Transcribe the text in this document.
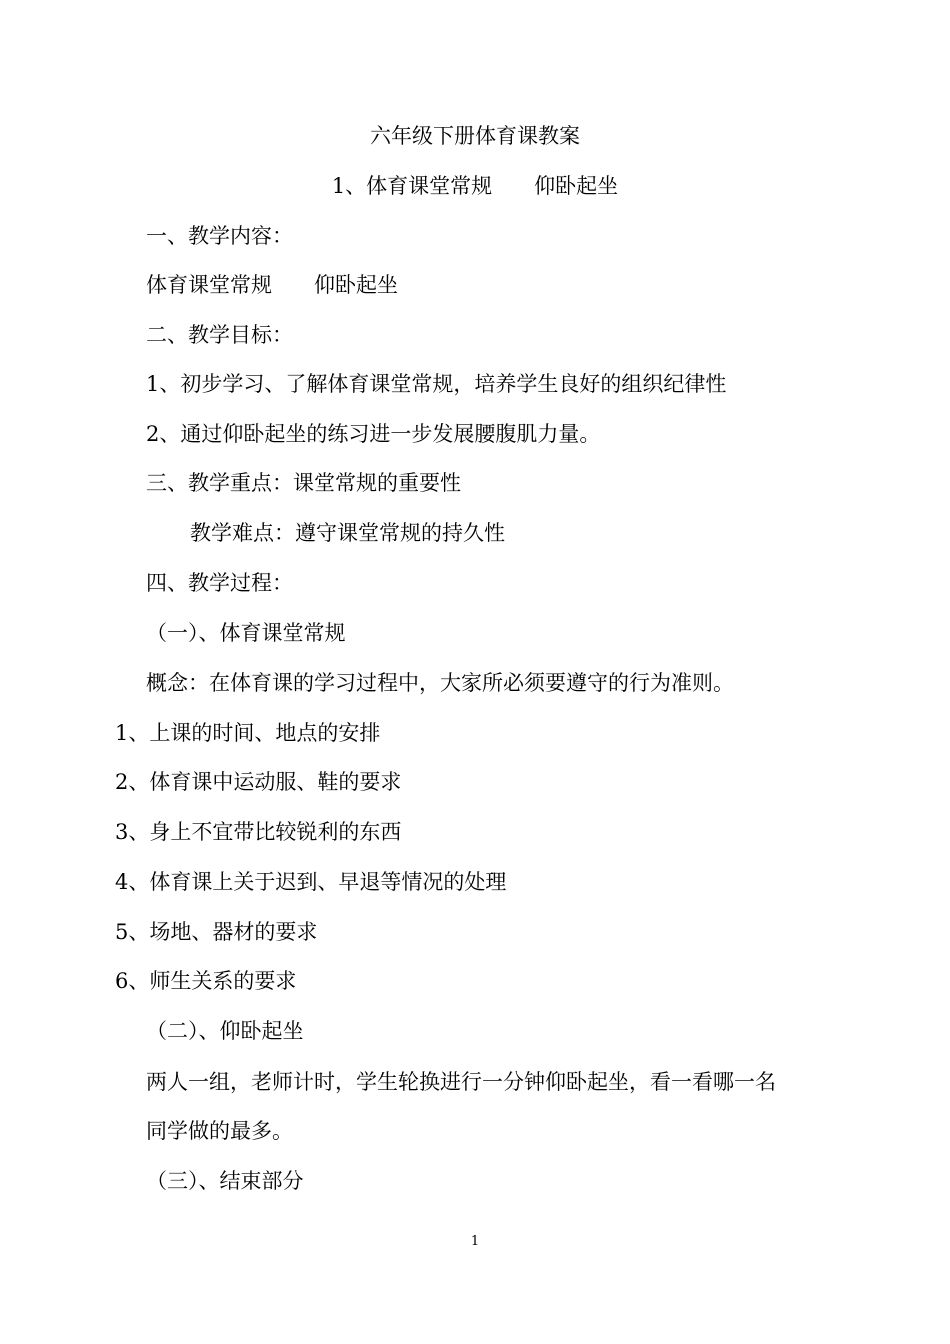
六年级下册体育课教案
1、体育课堂常规　　仰卧起坐
一、教学内容：
体育课堂常规　　仰卧起坐
二、教学目标：
1、初步学习、了解体育课堂常规，培养学生良好的组织纪律性
2、通过仰卧起坐的练习进一步发展腰腹肌力量。
三、教学重点：课堂常规的重要性
教学难点：遵守课堂常规的持久性
四、教学过程：
（一）、体育课堂常规
概念：在体育课的学习过程中，大家所必须要遵守的行为准则。
1、上课的时间、地点的安排
2、体育课中运动服、鞋的要求
3、身上不宜带比较锐利的东西
4、体育课上关于迟到、早退等情况的处理
5、场地、器材的要求
6、师生关系的要求
（二）、仰卧起坐
两人一组，老师计时，学生轮换进行一分钟仰卧起坐，看一看哪一名
同学做的最多。
（三）、结束部分
1
